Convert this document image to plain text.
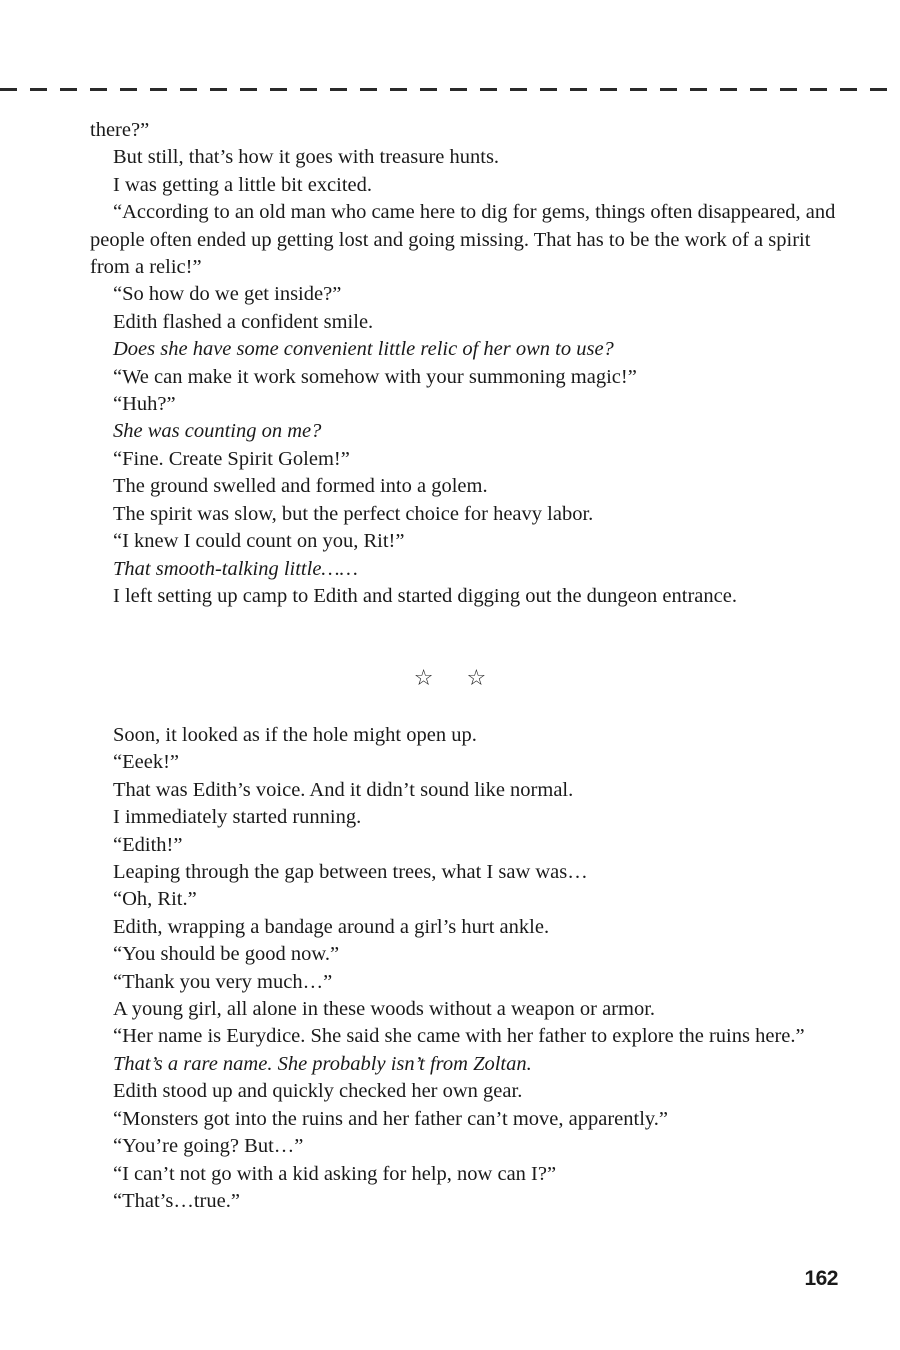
there?”

But still, that’s how it goes with treasure hunts.

I was getting a little bit excited.

“According to an old man who came here to dig for gems, things often disappeared, and people often ended up getting lost and going missing. That has to be the work of a spirit from a relic!”

“So how do we get inside?”

Edith flashed a confident smile.

Does she have some convenient little relic of her own to use?

“We can make it work somehow with your summoning magic!”

“Huh?”

She was counting on me?

“Fine. Create Spirit Golem!”

The ground swelled and formed into a golem.

The spirit was slow, but the perfect choice for heavy labor.

“I knew I could count on you, Rit!”

That smooth-talking little……

I left setting up camp to Edith and started digging out the dungeon entrance.

☆ ☆

Soon, it looked as if the hole might open up.

“Eeek!”

That was Edith’s voice. And it didn’t sound like normal.

I immediately started running.

“Edith!”

Leaping through the gap between trees, what I saw was…

“Oh, Rit.”

Edith, wrapping a bandage around a girl’s hurt ankle.

“You should be good now.”

“Thank you very much…”

A young girl, all alone in these woods without a weapon or armor.

“Her name is Eurydice. She said she came with her father to explore the ruins here.”

That’s a rare name. She probably isn’t from Zoltan.

Edith stood up and quickly checked her own gear.

“Monsters got into the ruins and her father can’t move, apparently.”

“You’re going? But…”

“I can’t not go with a kid asking for help, now can I?”

“That’s…true.”

162
